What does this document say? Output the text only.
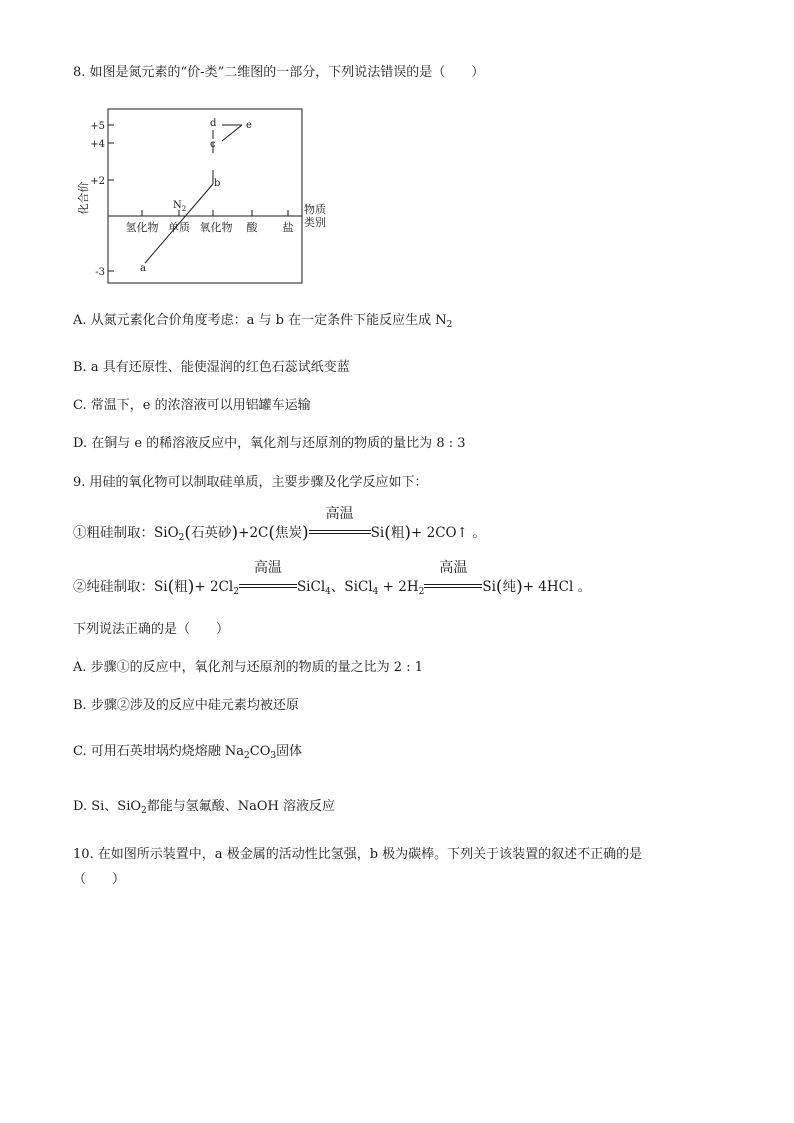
8. 如图是氮元素的“价-类”二维图的一部分，下列说法错误的是（　　）
+5
+4
+2
-3
化合价
氢化物 单质 氧化物 酸 盐
物质
类别
a
$N_2$
b
c
d	e
A. 从氮元素化合价角度考虑：a 与 b 在一定条件下能反应生成 $N_2$
B. a 具有还原性、能使湿润的红色石蕊试纸变蓝
C. 常温下，e 的浓溶液可以用铝罐车运输
D. 在铜与 e 的稀溶液反应中，氧化剂与还原剂的物质的量比为 8 : 3
9. 用硅的氧化物可以制取硅单质，主要步骤及化学反应如下：
①粗硅制取：SiO$_2$(石英砂)+2C(焦炭)
高温
Si(粗)+ 2CO↑ 。
②纯硅制取：Si(粗)+ $2Cl_2$
高温
SiCl$_4$、SiCl$_4$ + $2H_2$
高温
Si(纯)+ 4HCl 。
下列说法正确的是（　　）
A. 步骤①的反应中，氧化剂与还原剂的物质的量之比为 2 : 1
B. 步骤②涉及的反应中硅元素均被还原
C. 可用石英坩埚灼烧熔融 $Na_2CO_3$固体
D. Si、SiO$_2$都能与氢氟酸、NaOH 溶液反应
10. 在如图所示装置中，a 极金属的活动性比氢强，b 极为碳棒。下列关于该装置的叙述不正确的是
（　　）
